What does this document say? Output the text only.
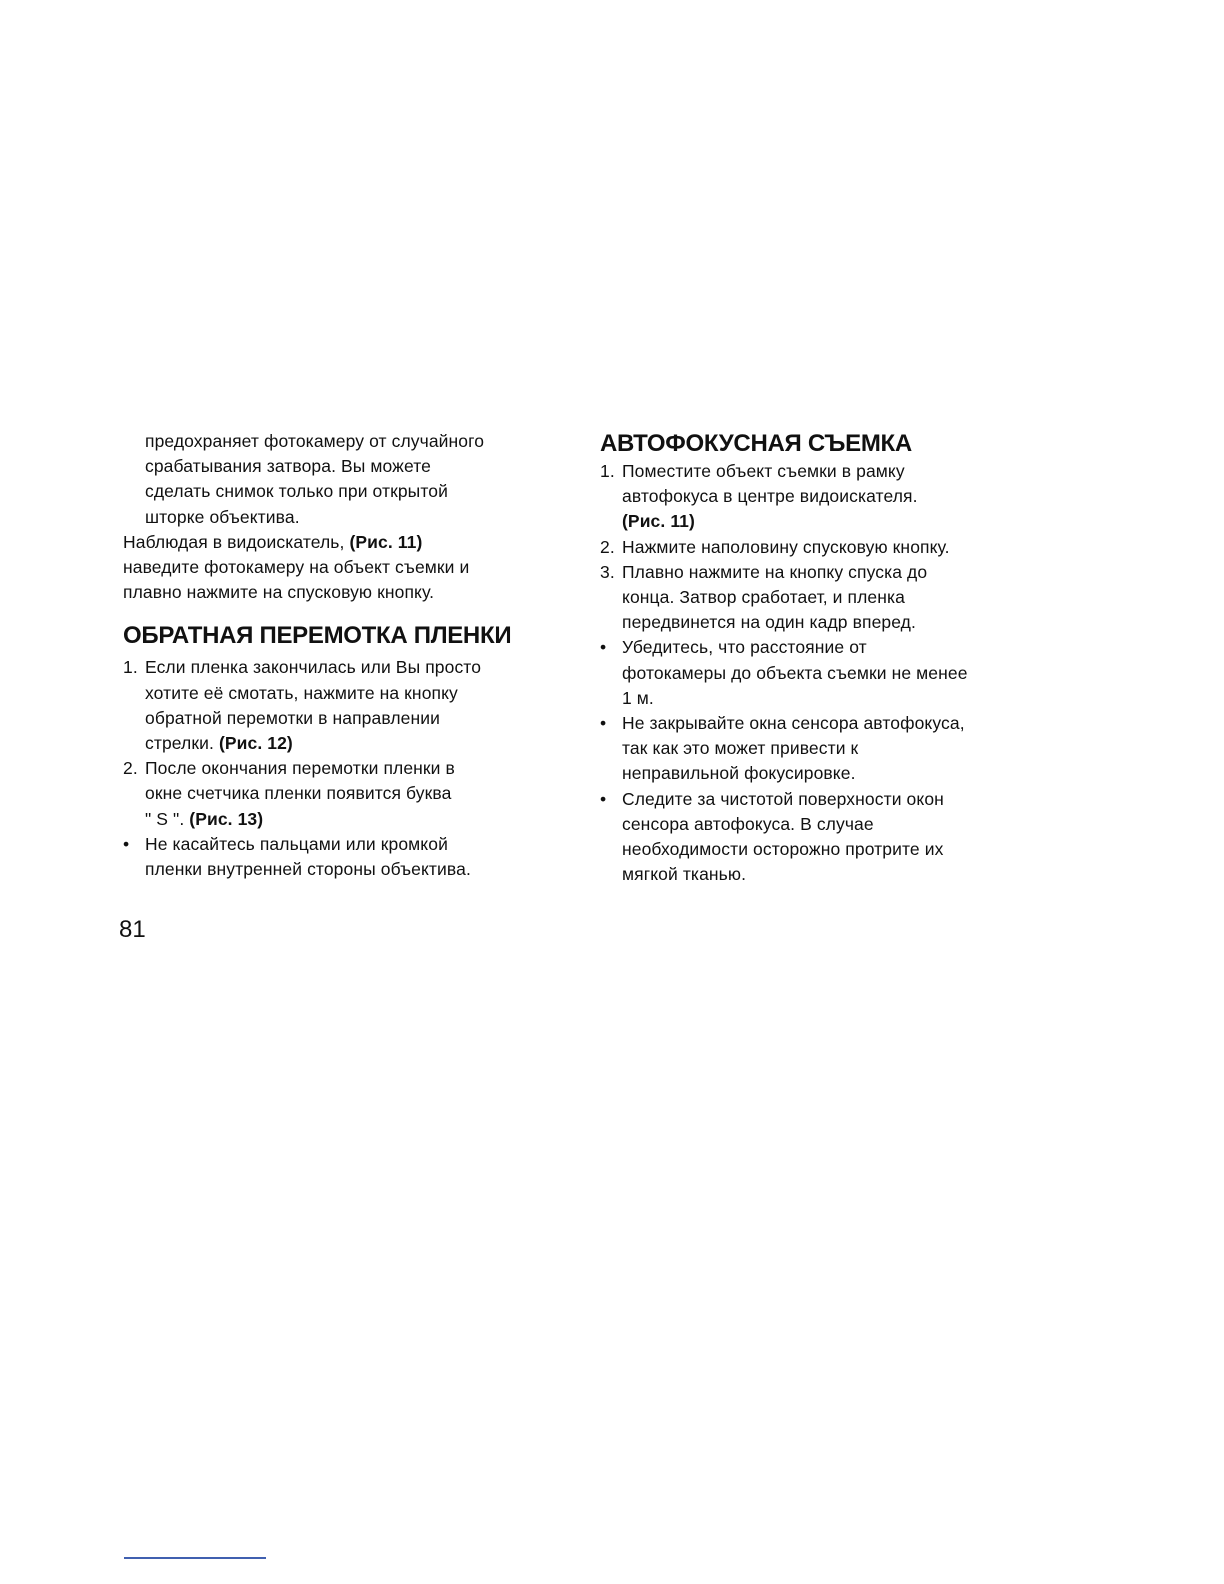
предохраняет фотокамеру от случайного

срабатывания затвора. Вы можете

сделать снимок только при открытой

шторке объектива.

Наблюдая в видоискатель, (Рис. 11)

наведите фотокамеру на объект съемки и

плавно нажмите на спусковую кнопку.

ОБРАТНАЯ ПЕРЕМОТКА ПЛЕНКИ
1. Если пленка закончилась или Вы просто

хотите её смотать, нажмите на кнопку

обратной перемотки в направлении

стрелки. (Рис. 12)

2. После окончания перемотки пленки в

окне счетчика пленки появится буква

" S ". (Рис. 13)

• Не касайтесь пальцами или кромкой

пленки внутренней стороны объектива.

АВТОФОКУСНАЯ СЪЕМКА
1. Поместите объект съемки в рамку

автофокуса в центре видоискателя.

(Рис. 11)

2. Нажмите наполовину спусковую кнопку.

3. Плавно нажмите на кнопку спуска до

конца. Затвор сработает, и пленка

передвинется на один кадр вперед.

• Убедитесь, что расстояние от

фотокамеры до объекта съемки не менее

1 м.

• Не закрывайте окна сенсора автофокуса,

так как это может привести к

неправильной фокусировке.

• Следите за чистотой поверхности окон

сенсора автофокуса. В случае

необходимости осторожно протрите их

мягкой тканью.

81
